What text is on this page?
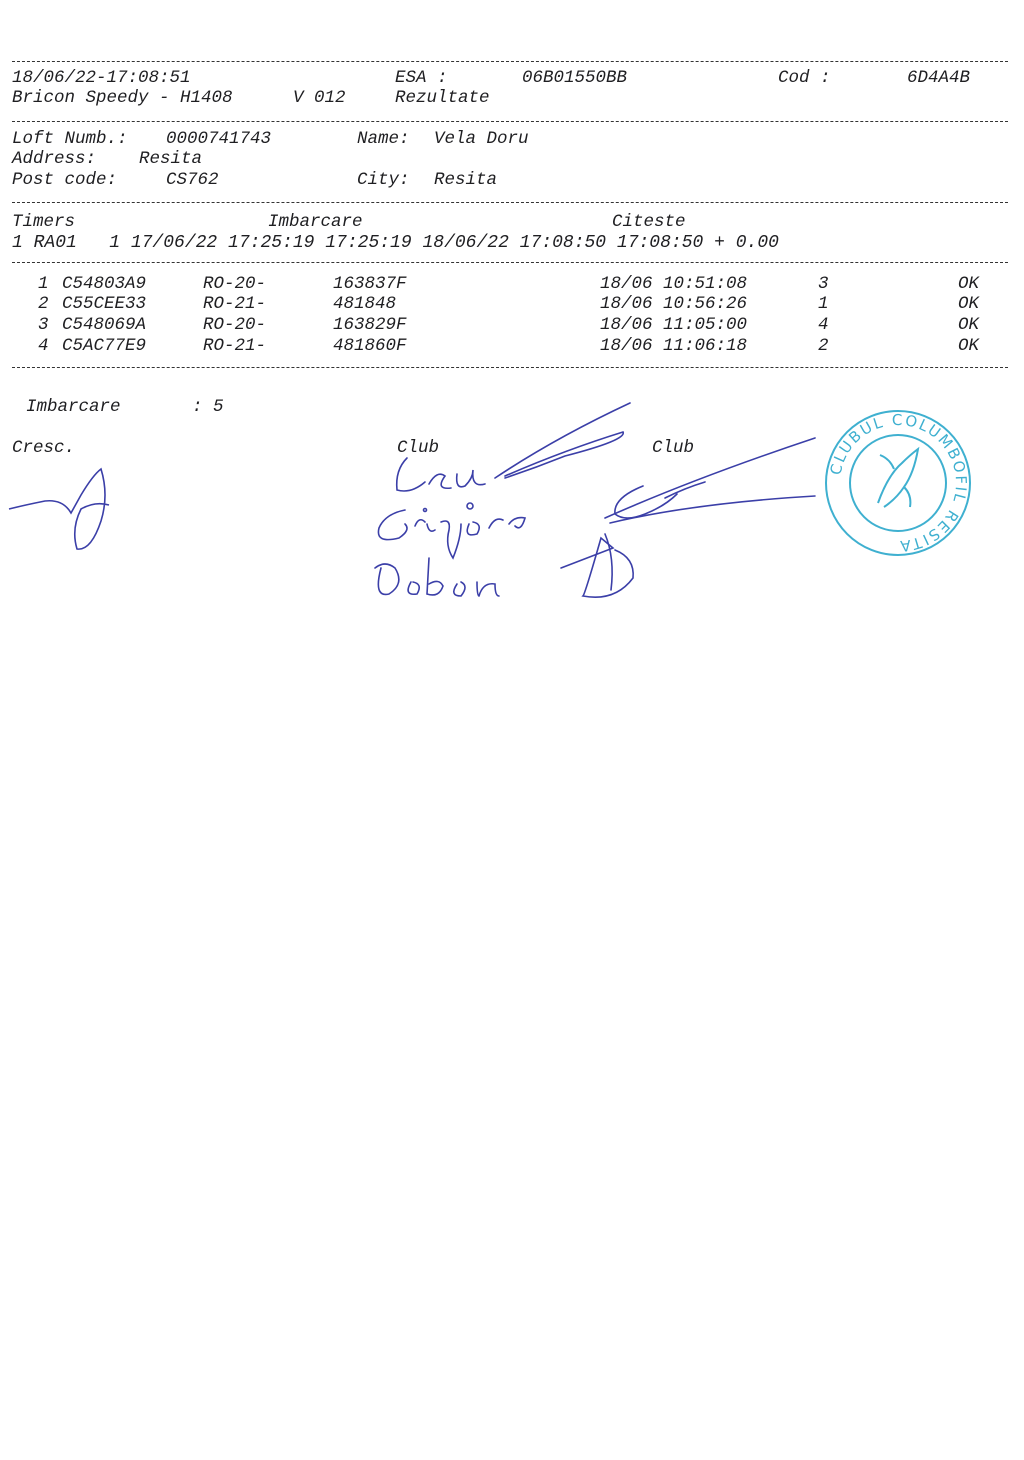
18/06/22-17:08:51	ESA :	06B01550BB	Cod :	6D4A4B
Bricon Speedy - H1408	V 012	Rezultate
Loft Numb.: 0000741743	Name: Vela Doru
Address: Resita
Post code:	CS762	City: Resita
Timers	Imbarcare	Citeste
1 RA01   1 17/06/22 17:25:19 17:25:19 18/06/22 17:08:50 17:08:50 + 0.00
1 C54803A9	RO-20-	163837F	18/06 10:51:08	3	OK
2 C55CEE33	RO-21-	481848	18/06 10:56:26	1	OK
3 C548069A	RO-20-	163829F	18/06 11:05:00	4	OK
4 C5AC77E9	RO-21-	481860F	18/06 11:06:18	2	OK
Imbarcare	: 5
Cresc.	Club	Club
CLUBUL COLUMBOFIL RESITA
